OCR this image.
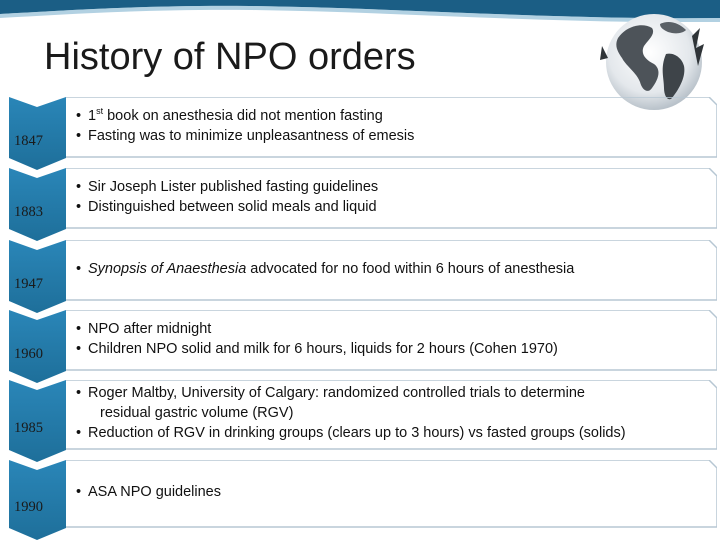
History of NPO orders
1847
• 1st book on anesthesia did not mention fasting
• Fasting was to minimize unpleasantness of emesis
1883
• Sir Joseph Lister published fasting guidelines
• Distinguished between solid meals and liquid
1947
• Synopsis of Anaesthesia advocated for no food within 6 hours of anesthesia
1960
• NPO after midnight
• Children NPO solid and milk for 6 hours, liquids for 2 hours (Cohen 1970)
1985
• Roger Maltby, University of Calgary: randomized controlled trials to determine
residual gastric volume (RGV)
• Reduction of RGV in drinking groups (clears up to 3 hours) vs fasted groups (solids)
1990
• ASA NPO guidelines
